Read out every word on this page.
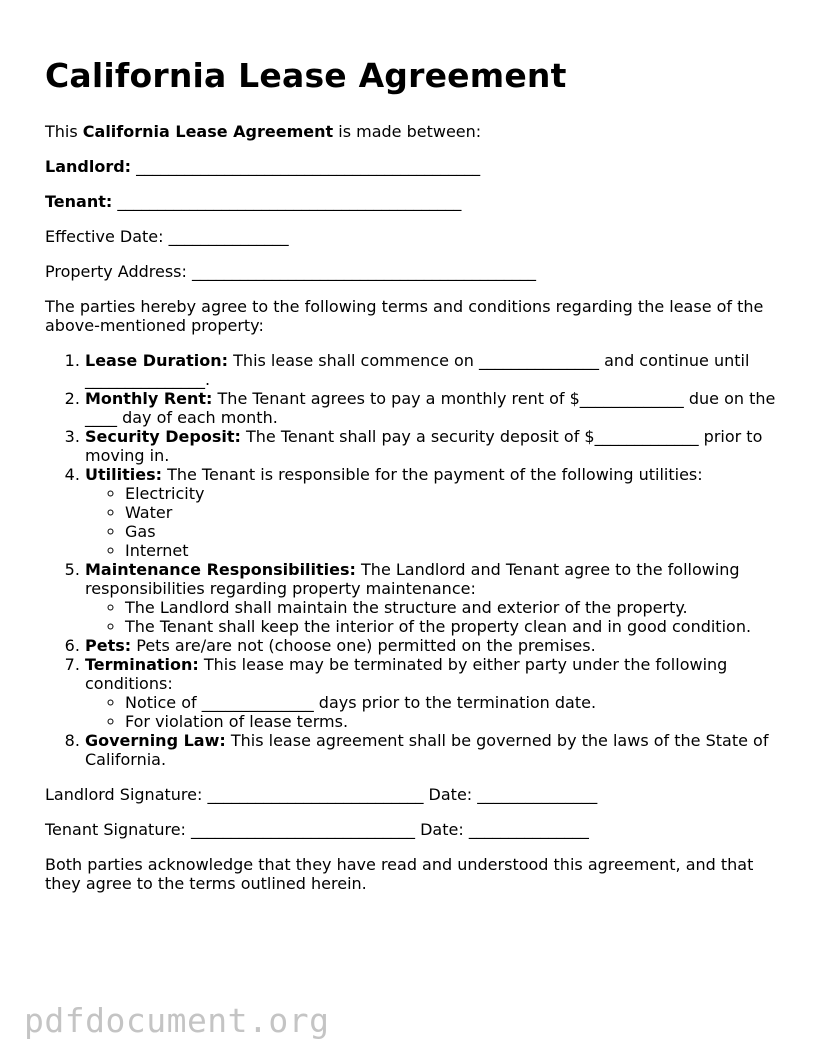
California Lease Agreement

This California Lease Agreement is made between:

Landlord: ___________________________________________

Tenant: ___________________________________________

Effective Date: _______________

Property Address: ___________________________________________

The parties hereby agree to the following terms and conditions regarding the lease of the above-mentioned property:

1. Lease Duration: This lease shall commence on _______________ and continue until _______________.
2. Monthly Rent: The Tenant agrees to pay a monthly rent of $_____________ due on the ____ day of each month.
3. Security Deposit: The Tenant shall pay a security deposit of $_____________ prior to moving in.
4. Utilities: The Tenant is responsible for the payment of the following utilities:
◦ Electricity
◦ Water
◦ Gas
◦ Internet
5. Maintenance Responsibilities: The Landlord and Tenant agree to the following responsibilities regarding property maintenance:
◦ The Landlord shall maintain the structure and exterior of the property.
◦ The Tenant shall keep the interior of the property clean and in good condition.
6. Pets: Pets are/are not (choose one) permitted on the premises.
7. Termination: This lease may be terminated by either party under the following conditions:
◦ Notice of ______________ days prior to the termination date.
◦ For violation of lease terms.
8. Governing Law: This lease agreement shall be governed by the laws of the State of California.

Landlord Signature: ___________________________ Date: _______________

Tenant Signature: ____________________________ Date: _______________

Both parties acknowledge that they have read and understood this agreement, and that they agree to the terms outlined herein.

pdfdocument.org
